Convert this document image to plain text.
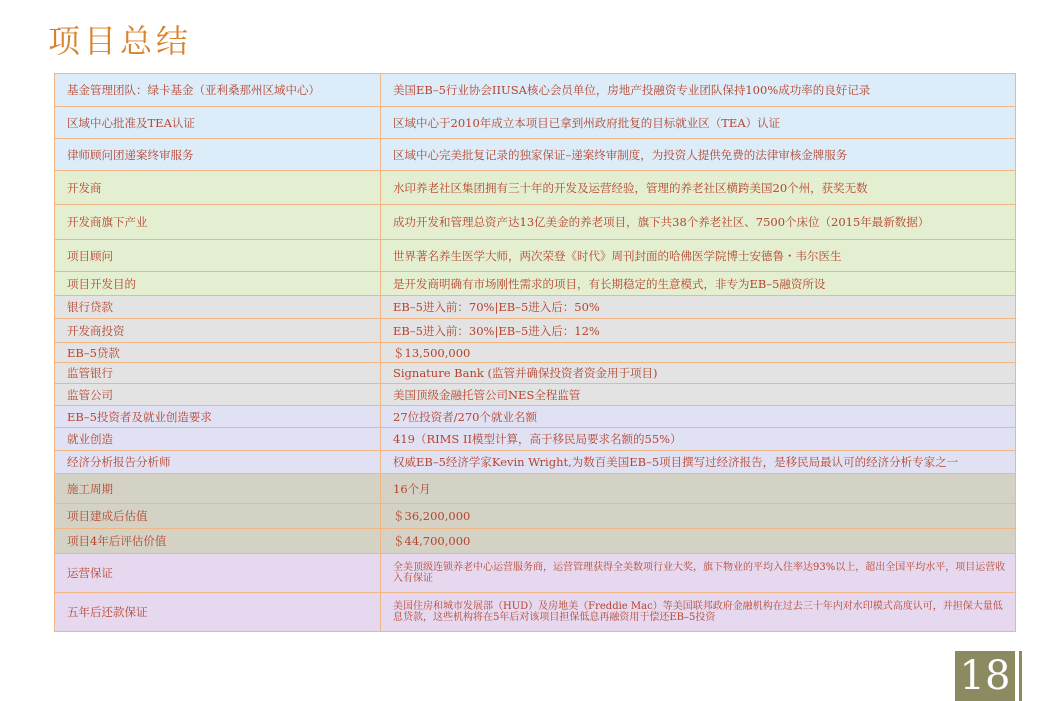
项目总结
基金管理团队：绿卡基金（亚利桑那州区域中心）	美国EB–5行业协会IIUSA核心会员单位，房地产投融资专业团队保持100%成功率的良好记录
区域中心批准及TEA认证	区域中心于2010年成立本项目已拿到州政府批复的目标就业区（TEA）认证
律师顾问团递案终审服务	区域中心完美批复记录的独家保证–递案终审制度，为投资人提供免费的法律审核金牌服务
开发商	水印养老社区集团拥有三十年的开发及运营经验，管理的养老社区横跨美国20个州，获奖无数
开发商旗下产业	成功开发和管理总资产达13亿美金的养老项目，旗下共38个养老社区、7500个床位（2015年最新数据）
项目顾问	世界著名养生医学大师，两次荣登《时代》周刊封面的哈佛医学院博士安德鲁・韦尔医生
项目开发目的	是开发商明确有市场刚性需求的项目，有长期稳定的生意模式，非专为EB–5融资所设
银行贷款	EB–5进入前：70%|EB–5进入后：50%
开发商投资	EB–5进入前：30%|EB–5进入后：12%
EB–5贷款	＄13,500,000
监管银行	Signature Bank (监管并确保投资者资金用于项目)
监管公司	美国顶级金融托管公司NES全程监管
EB–5投资者及就业创造要求	27位投资者/270个就业名额
就业创造	419（RIMS II模型计算，高于移民局要求名额的55%）
经济分析报告分析师	权威EB–5经济学家Kevin Wright,为数百美国EB–5项目撰写过经济报告，是移民局最认可的经济分析专家之一
施工周期	16个月
项目建成后估值	＄36,200,000
项目4年后评估价值	＄44,700,000
运营保证	全美顶级连锁养老中心运营服务商，运营管理获得全美数项行业大奖，旗下物业的平均入住率达93%以上，超出全国平均水平，项目运营收入有保证
五年后还款保证	美国住房和城市发展部（HUD）及房地美（Freddie Mac）等美国联邦政府金融机构在过去三十年内对水印模式高度认可，并担保大量低息贷款，这些机构将在5年后对该项目担保低息再融资用于偿还EB–5投资
18
